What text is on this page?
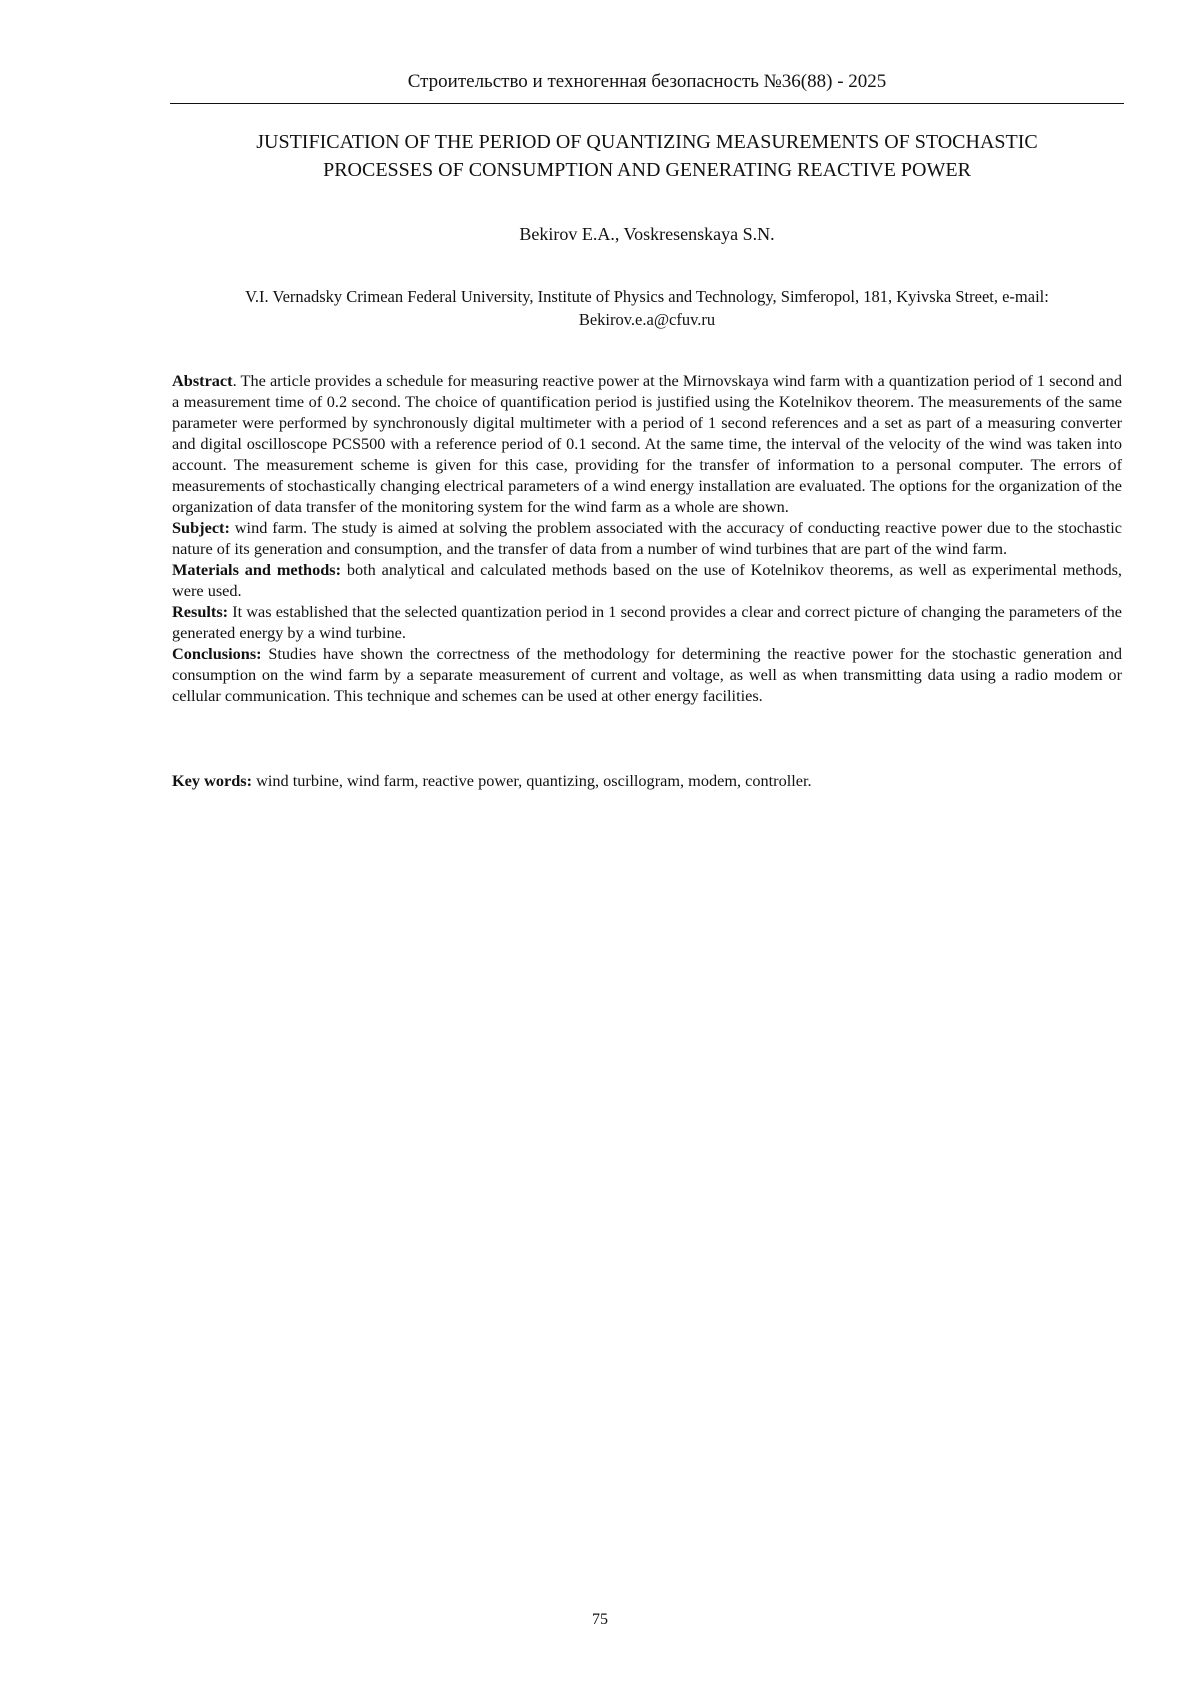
Строительство и техногенная безопасность №36(88) - 2025
JUSTIFICATION OF THE PERIOD OF QUANTIZING MEASUREMENTS OF STOCHASTIC
PROCESSES OF CONSUMPTION AND GENERATING REACTIVE POWER
Bekirov E.A., Voskresenskaya S.N.
V.I. Vernadsky Crimean Federal University, Institute of Physics and Technology, Simferopol, 181, Kyivska Street, e-mail:
Bekirov.e.a@cfuv.ru

Abstract. The article provides a schedule for measuring reactive power at the Mirnovskaya wind farm with a quantization period of 1 second and a measurement time of 0.2 second. The choice of quantification period is justified using the Kotelnikov theorem. The measurements of the same parameter were performed by synchronously digital multimeter with a period of 1 second references and a set as part of a measuring converter and digital oscilloscope PCS500 with a reference period of 0.1 second. At the same time, the interval of the velocity of the wind was taken into account. The measurement scheme is given for this case, providing for the transfer of information to a personal computer. The errors of measurements of stochastically changing electrical parameters of a wind energy installation are evaluated. The options for the organization of the organization of data transfer of the monitoring system for the wind farm as a whole are shown.

Subject: wind farm. The study is aimed at solving the problem associated with the accuracy of conducting reactive power due to the stochastic nature of its generation and consumption, and the transfer of data from a number of wind turbines that are part of the wind farm.

Materials and methods: both analytical and calculated methods based on the use of Kotelnikov theorems, as well as experimental methods, were used.

Results: It was established that the selected quantization period in 1 second provides a clear and correct picture of changing the parameters of the generated energy by a wind turbine.

Conclusions: Studies have shown the correctness of the methodology for determining the reactive power for the stochastic generation and consumption on the wind farm by a separate measurement of current and voltage, as well as when transmitting data using a radio modem or cellular communication. This technique and schemes can be used at other energy facilities.

Key words: wind turbine, wind farm, reactive power, quantizing, oscillogram, modem, controller.
75
